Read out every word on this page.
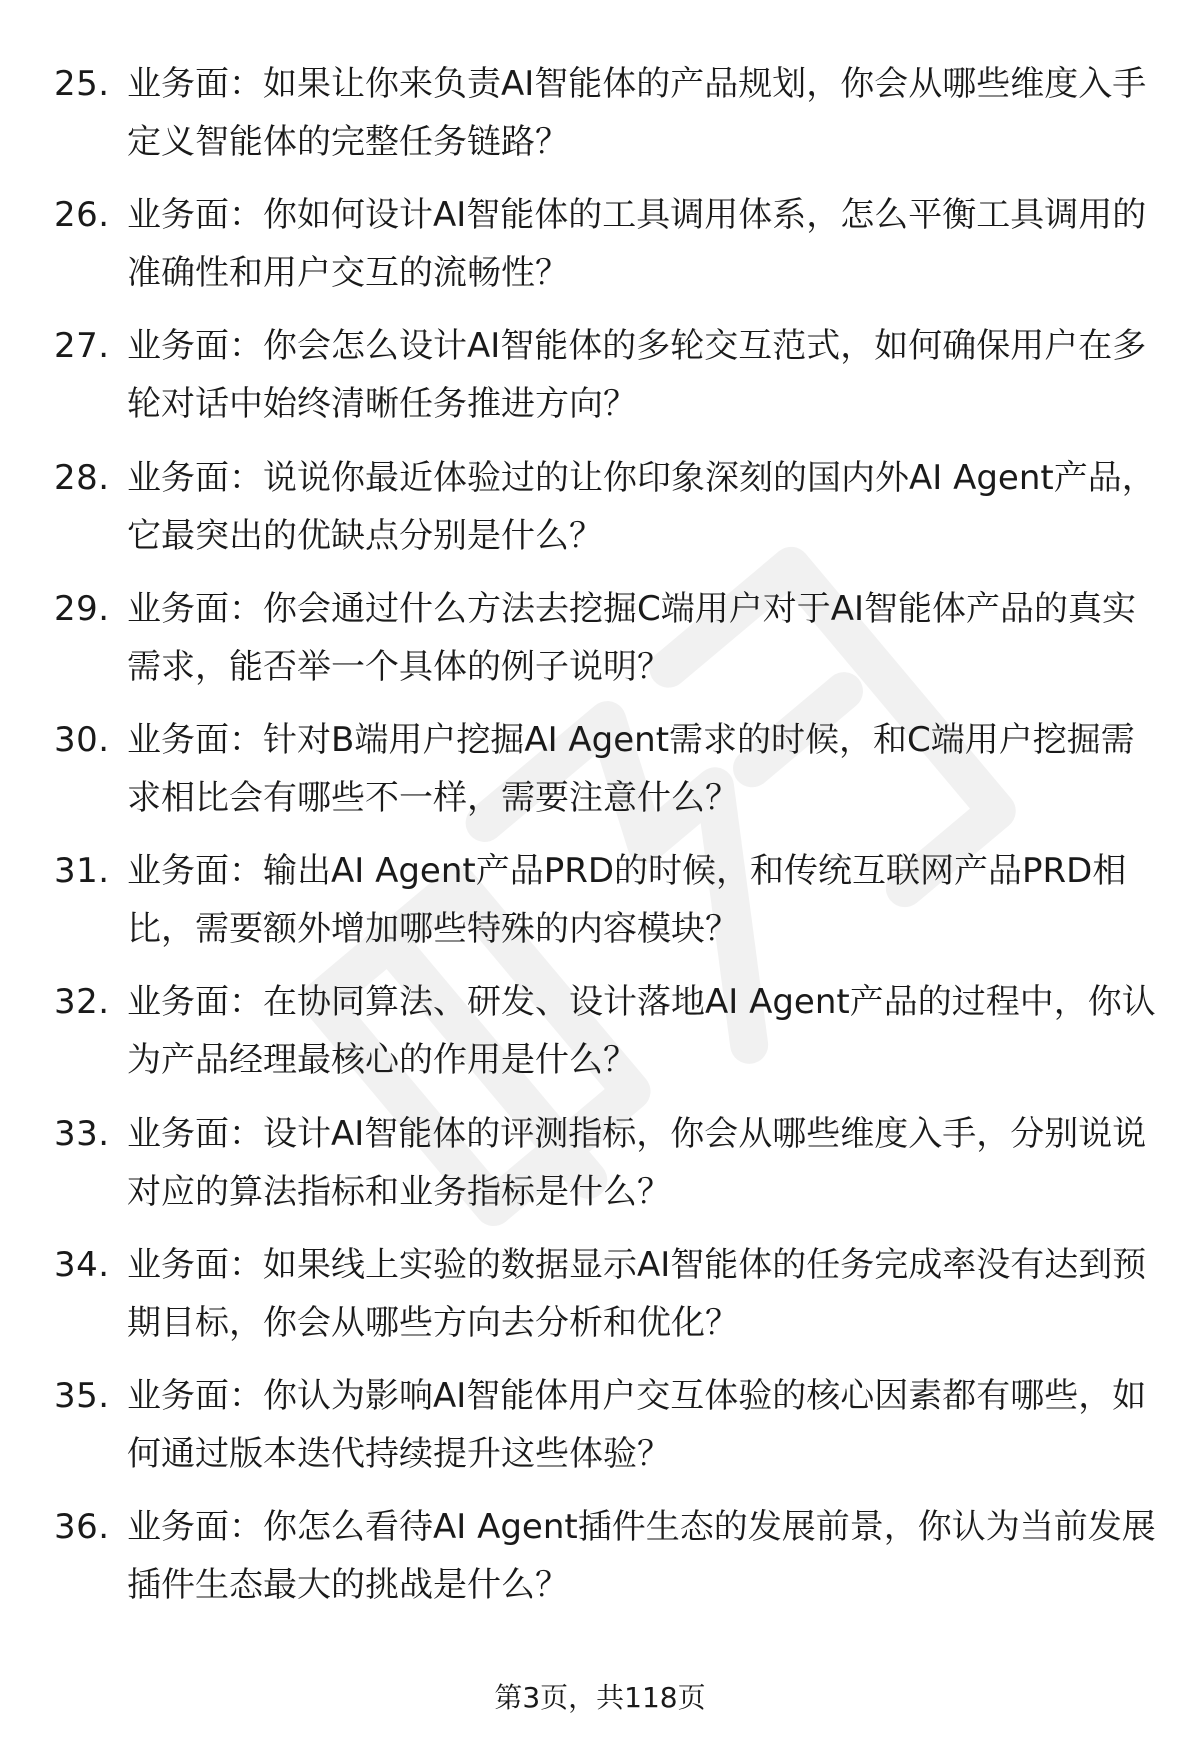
25. 业务面：如果让你来负责AI智能体的产品规划，你会从哪些维度入手定义智能体的完整任务链路？
26. 业务面：你如何设计AI智能体的工具调用体系，怎么平衡工具调用的准确性和用户交互的流畅性？
27. 业务面：你会怎么设计AI智能体的多轮交互范式，如何确保用户在多轮对话中始终清晰任务推进方向？
28. 业务面：说说你最近体验过的让你印象深刻的国内外AI Agent产品，它最突出的优缺点分别是什么？
29. 业务面：你会通过什么方法去挖掘C端用户对于AI智能体产品的真实需求，能否举一个具体的例子说明？
30. 业务面：针对B端用户挖掘AI Agent需求的时候，和C端用户挖掘需求相比会有哪些不一样，需要注意什么？
31. 业务面：输出AI Agent产品PRD的时候，和传统互联网产品PRD相比，需要额外增加哪些特殊的内容模块？
32. 业务面：在协同算法、研发、设计落地AI Agent产品的过程中，你认为产品经理最核心的作用是什么？
33. 业务面：设计AI智能体的评测指标，你会从哪些维度入手，分别说说对应的算法指标和业务指标是什么？
34. 业务面：如果线上实验的数据显示AI智能体的任务完成率没有达到预期目标，你会从哪些方向去分析和优化？
35. 业务面：你认为影响AI智能体用户交互体验的核心因素都有哪些，如何通过版本迭代持续提升这些体验？
36. 业务面：你怎么看待AI Agent插件生态的发展前景，你认为当前发展插件生态最大的挑战是什么？
第3页，共118页
